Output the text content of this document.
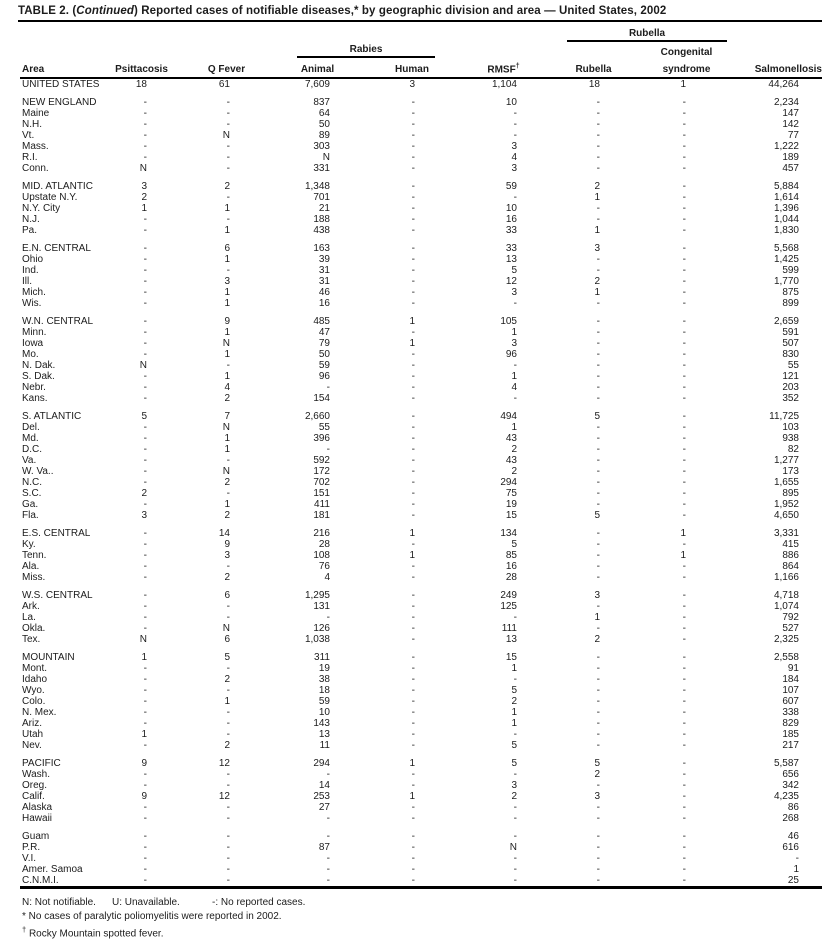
TABLE 2. (Continued) Reported cases of notifiable diseases,* by geographic division and area — United States, 2002

						Rubella		

			Rabies				Congenital	
Area	Psittacosis	Q Fever	Animal	Human	RMSF†	Rubella	syndrome	Salmonellosis
UNITED STATES	18	61	7,609	3	1,104	18	1	44,264

NEW ENGLAND	-	-	837	-	10	-	-	2,234
Maine	-	-	64	-	-	-	-	147
N.H.	-	-	50	-	-	-	-	142
Vt.	-	N	89	-	-	-	-	77
Mass.	-	-	303	-	3	-	-	1,222
R.I.	-	-	N	-	4	-	-	189
Conn.	N	-	331	-	3	-	-	457

MID. ATLANTIC	3	2	1,348	-	59	2	-	5,884
Upstate N.Y.	2	-	701	-	-	1	-	1,614
N.Y. City	1	1	21	-	10	-	-	1,396
N.J.	-	-	188	-	16	-	-	1,044
Pa.	-	1	438	-	33	1	-	1,830

E.N. CENTRAL	-	6	163	-	33	3	-	5,568
Ohio	-	1	39	-	13	-	-	1,425
Ind.	-	-	31	-	5	-	-	599
Ill.	-	3	31	-	12	2	-	1,770
Mich.	-	1	46	-	3	1	-	875
Wis.	-	1	16	-	-	-	-	899

W.N. CENTRAL	-	9	485	1	105	-	-	2,659
Minn.	-	1	47	-	1	-	-	591
Iowa	-	N	79	1	3	-	-	507
Mo.	-	1	50	-	96	-	-	830
N. Dak.	N	-	59	-	-	-	-	55
S. Dak.	-	1	96	-	1	-	-	121
Nebr.	-	4	-	-	4	-	-	203
Kans.	-	2	154	-	-	-	-	352

S. ATLANTIC	5	7	2,660	-	494	5	-	11,725
Del.	-	N	55	-	1	-	-	103
Md.	-	1	396	-	43	-	-	938
D.C.	-	1	-	-	2	-	-	82
Va.	-	-	592	-	43	-	-	1,277
W. Va..	-	N	172	-	2	-	-	173
N.C.	-	2	702	-	294	-	-	1,655
S.C.	2	-	151	-	75	-	-	895
Ga.	-	1	411	-	19	-	-	1,952
Fla.	3	2	181	-	15	5	-	4,650

E.S. CENTRAL	-	14	216	1	134	-	1	3,331
Ky.	-	9	28	-	5	-	-	415
Tenn.	-	3	108	1	85	-	1	886
Ala.	-	-	76	-	16	-	-	864
Miss.	-	2	4	-	28	-	-	1,166

W.S. CENTRAL	-	6	1,295	-	249	3	-	4,718
Ark.	-	-	131	-	125	-	-	1,074
La.	-	-	-	-	-	1	-	792
Okla.	-	N	126	-	111	-	-	527
Tex.	N	6	1,038	-	13	2	-	2,325

MOUNTAIN	1	5	311	-	15	-	-	2,558
Mont.	-	-	19	-	1	-	-	91
Idaho	-	2	38	-	-	-	-	184
Wyo.	-	-	18	-	5	-	-	107
Colo.	-	1	59	-	2	-	-	607
N. Mex.	-	-	10	-	1	-	-	338
Ariz.	-	-	143	-	1	-	-	829
Utah	1	-	13	-	-	-	-	185
Nev.	-	2	11	-	5	-	-	217

PACIFIC	9	12	294	1	5	5	-	5,587
Wash.	-	-	-	-	-	2	-	656
Oreg.	-	-	14	-	3	-	-	342
Calif.	9	12	253	1	2	3	-	4,235
Alaska	-	-	27	-	-	-	-	86
Hawaii	-	-	-	-	-	-	-	268

Guam	-	-	-	-	-	-	-	46
P.R.	-	-	87	-	N	-	-	616
V.I.	-	-	-	-	-	-	-	-
Amer. Samoa	-	-	-	-	-	-	-	1
C.N.M.I.	-	-	-	-	-	-	-	25
N: Not notifiable. U: Unavailable.	-: No reported cases.
* No cases of paralytic poliomyelitis were reported in 2002.
† Rocky Mountain spotted fever.
